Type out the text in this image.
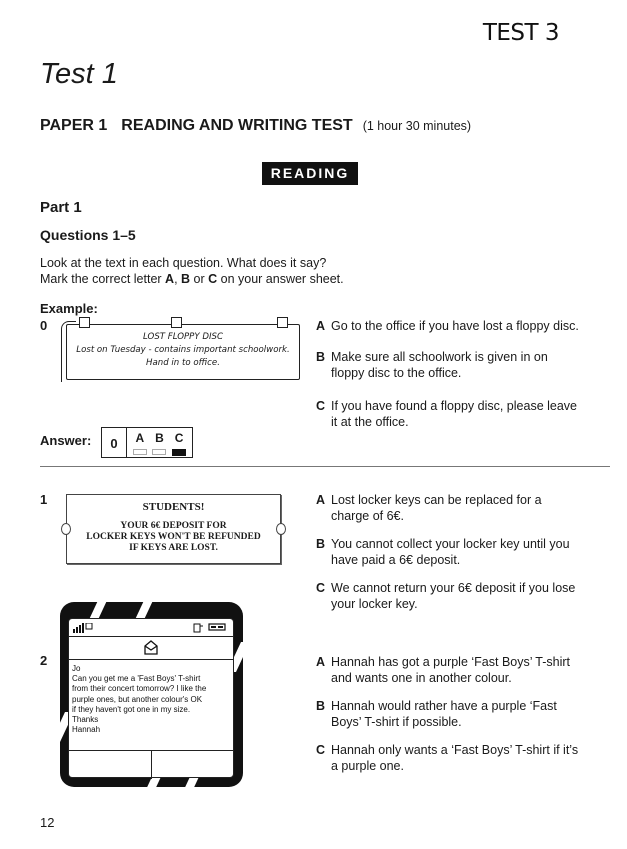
TEST 3
Test 1
PAPER 1 READING AND WRITING TEST (1 hour 30 minutes)
READING
Part 1
Questions 1–5
Look at the text in each question. What does it say?
Mark the correct letter A, B or C on your answer sheet.
Example:
0
LOST FLOPPY DISC
Lost on Tuesday - contains important schoolwork.
Hand in to office.
A Go to the office if you have lost a floppy disc.
B Make sure all schoolwork is given in on
floppy disc to the office.
C If you have found a floppy disc, please leave
it at the office.
Answer:	0	A B C
1	STUDENTS!
YOUR 6€ DEPOSIT FOR
LOCKER KEYS WON'T BE REFUNDED
IF KEYS ARE LOST.
A Lost locker keys can be replaced for a
charge of 6€.
B You cannot collect your locker key until you
have paid a 6€ deposit.
C We cannot return your 6€ deposit if you lose
your locker key.
2
Jo
Can you get me a 'Fast Boys' T-shirt
from their concert tomorrow? I like the
purple ones, but another colour's OK
if they haven't got one in my size.
Thanks
Hannah
A Hannah has got a purple ‘Fast Boys’ T-shirt
and wants one in another colour.
B Hannah would rather have a purple ‘Fast
Boys’ T-shirt if possible.
C Hannah only wants a ‘Fast Boys’ T-shirt if it’s
a purple one.
12
